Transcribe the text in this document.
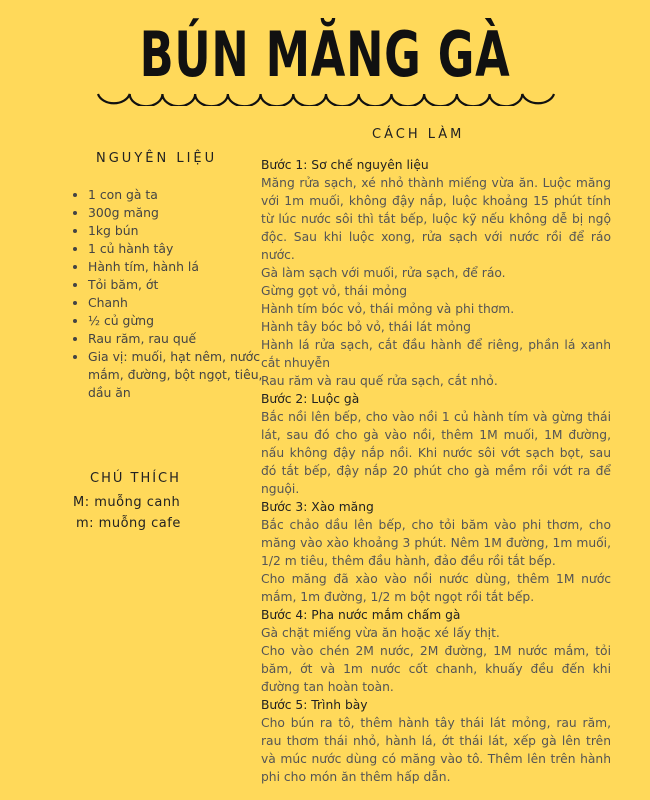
BÚN MĂNG GÀ
CÁCH LÀM
NGUYÊN LIỆU
• 1 con gà ta
• 300g măng
• 1kg bún
• 1 củ hành tây
• Hành tím, hành lá
• Tỏi băm, ớt
• Chanh
• ½ củ gừng
• Rau răm, rau quế
• Gia vị: muối, hạt nêm, nước mắm, đường, bột ngọt, tiêu, dầu ăn
CHÚ THÍCH
M: muỗng canh
m: muỗng cafe
Bước 1: Sơ chế nguyên liệu
Măng rửa sạch, xé nhỏ thành miếng vừa ăn. Luộc măng với 1m muối, không đậy nắp, luộc khoảng 15 phút tính từ lúc nước sôi thì tắt bếp, luộc kỹ nếu không dễ bị ngộ độc. Sau khi luộc xong, rửa sạch với nước rồi để ráo nước.
Gà làm sạch với muối, rửa sạch, để ráo.
Gừng gọt vỏ, thái mỏng
Hành tím bóc vỏ, thái mỏng và phi thơm.
Hành tây bóc bỏ vỏ, thái lát mỏng
Hành lá rửa sạch, cắt đầu hành để riêng, phần lá xanh cắt nhuyễn
Rau răm và rau quế rửa sạch, cắt nhỏ.
Bước 2: Luộc gà
Bắc nồi lên bếp, cho vào nồi 1 củ hành tím và gừng thái lát, sau đó cho gà vào nồi, thêm 1M muối, 1M đường, nấu không đậy nắp nồi. Khi nước sôi vớt sạch bọt, sau đó tắt bếp, đậy nắp 20 phút cho gà mềm rồi vớt ra để nguội.
Bước 3: Xào măng
Bắc chảo dầu lên bếp, cho tỏi băm vào phi thơm, cho măng vào xào khoảng 3 phút. Nêm 1M đường, 1m muối, 1/2 m tiêu, thêm đầu hành, đảo đều rồi tắt bếp.
Cho măng đã xào vào nồi nước dùng, thêm 1M nước mắm, 1m đường, 1/2 m bột ngọt rồi tắt bếp.
Bước 4: Pha nước mắm chấm gà
Gà chặt miếng vừa ăn hoặc xé lấy thịt.
Cho vào chén 2M nước, 2M đường, 1M nước mắm, tỏi băm, ớt và 1m nước cốt chanh, khuấy đều đến khi đường tan hoàn toàn.
Bước 5: Trình bày
Cho bún ra tô, thêm hành tây thái lát mỏng, rau răm, rau thơm thái nhỏ, hành lá, ớt thái lát, xếp gà lên trên và múc nước dùng có măng vào tô. Thêm lên trên hành phi cho món ăn thêm hấp dẫn.
